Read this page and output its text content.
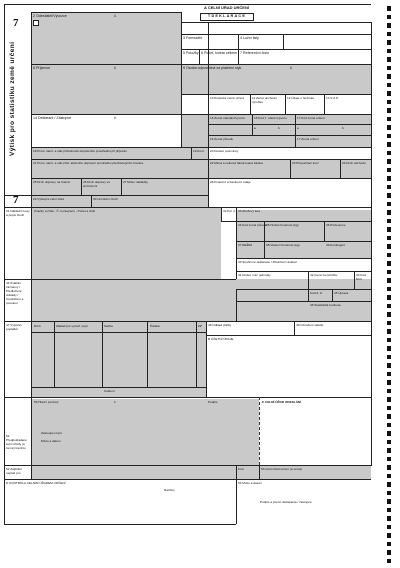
7
Výtisk pro statistiku země určení
7
A CELNÍ ÚŘAD URČENÍ
TDEKLARACE
2 Odesílatel/Vývozce	č.
3 Formuláře	4 Ložní listy
5 Položky 6 Počet, koleta celkem 7 Referenční číslo
8 Příjemce	č.	9 Osoba odpovědná za platební styk	č.
10 Poslední země určení	11 Země obchodu výrobku
12 Údaje o hodnotě	13 S.Z.P.
14 Deklarant / Zástupce	č.	15 Země odeslání/vývozu	15 Kód z. odesl./vývozu	17 Kód země určení
a	b	a	b
16 Země původu	17 Země určení
18 Prost. ident. a stát příslušnosti dopravního prostředku při příjezdu	19 Kont. 20 Dodací podmínky
21 Prost. ident. a stát přísl. aktivního dopravní prostředku přecházejícího hranice	22 Měna a celková fakturovaná částka	23 Přepočítací kurz	24 Druh obchodu
25 Druh dopravy na hranici	26 Druh dopravy ve vnitrozemí
27 Místo nakládky	28 Finanční a bankovní údaje
29 Výstupní celní úřad	30 Umístění zboží
31 Nákladní kusy a popis zboží
Značky a čísla - Č. kontejneru - Počet a druh	32 Pol. č. 33 Zbožový kód
34 Kód země původu
35 Hrubá hmotnost (kg)	36 Preference
37 REŽIM	38 Vlastní hmotnost (kg)	39 Kontingent
40 Souhrnné deklarace / Předchozí doklad
41 Dodat. měr. jednotky	42 Cena za položku	43 Kód M.O.
44 Zvláštní záznamy / Předložené doklady / Osvědčení a povolení
Kód Z. Z.	45 Úprava
46 Statistická hodnota
47 Výpočet poplatků
Druh	Základ pro vyměř. popl.	Sazba	Částka	ZP
Celkem:
48 Odklad platby	49 Označení skladu
B ÚČETNÍ ÚDAJE
50 Hlavní povinný	č.	Podpis
Zastoupen kým
Místo a datum
C CELNÍ ÚŘAD ODESLÁNÍ
51 Předpokládané celní úřady (a země) tranzitu
52 Zajištění neplatí pro
Kód	53 Celní úřad určení (a země)
D KONTROLA CELNÍM ÚŘADEM URČENÍ
Razítko
54 Místo a datum
Podpis a jméno deklaranta / zástupce
